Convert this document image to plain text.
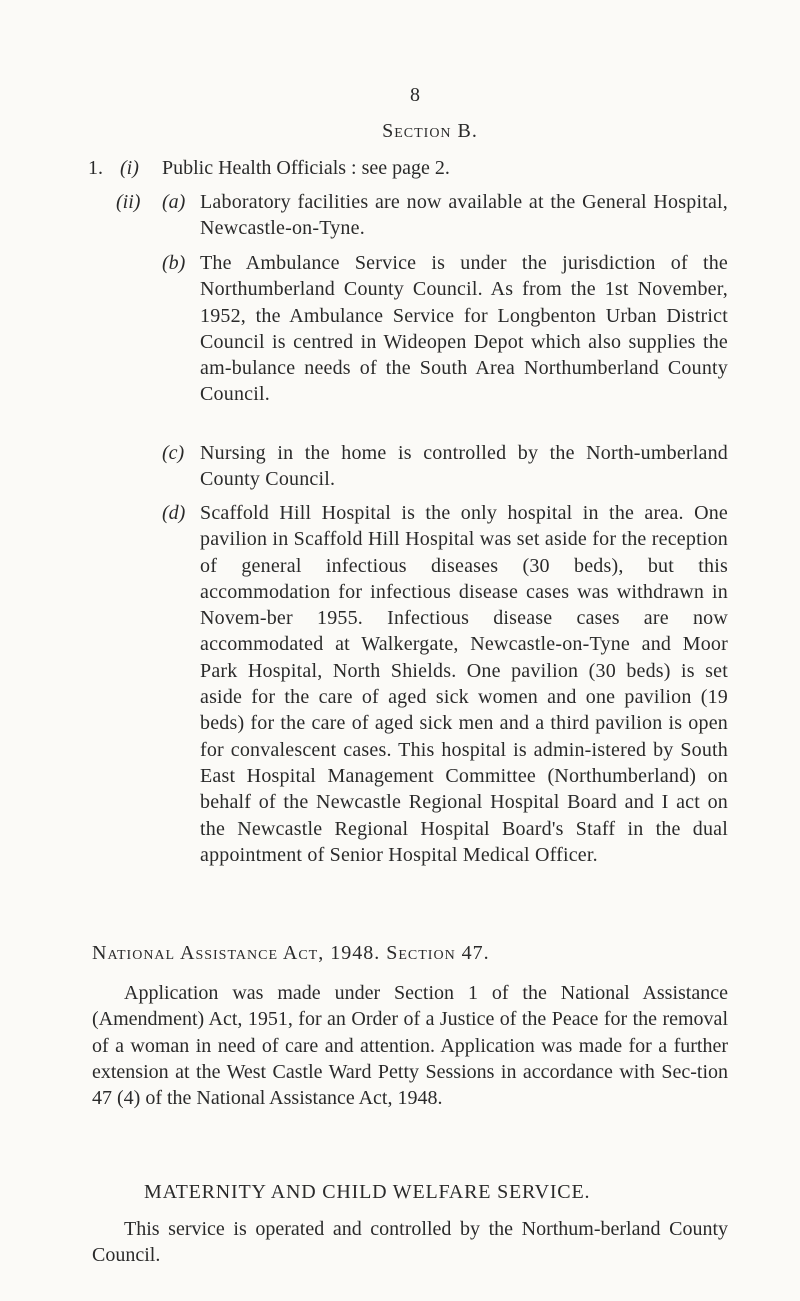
8
Section B.
1. (i) Public Health Officials : see page 2.
(ii) (a) Laboratory facilities are now available at the General Hospital, Newcastle-on-Tyne.
(b) The Ambulance Service is under the jurisdiction of the Northumberland County Council. As from the 1st November, 1952, the Ambulance Service for Longbenton Urban District Council is centred in Wideopen Depot which also supplies the am-bulance needs of the South Area Northumberland County Council.
(c) Nursing in the home is controlled by the North-umberland County Council.
(d) Scaffold Hill Hospital is the only hospital in the area. One pavilion in Scaffold Hill Hospital was set aside for the reception of general infectious diseases (30 beds), but this accommodation for infectious disease cases was withdrawn in Novem-ber 1955. Infectious disease cases are now accommodated at Walkergate, Newcastle-on-Tyne and Moor Park Hospital, North Shields. One pavilion (30 beds) is set aside for the care of aged sick women and one pavilion (19 beds) for the care of aged sick men and a third pavilion is open for convalescent cases. This hospital is admin-istered by South East Hospital Management Committee (Northumberland) on behalf of the Newcastle Regional Hospital Board and I act on the Newcastle Regional Hospital Board's Staff in the dual appointment of Senior Hospital Medical Officer.
National Assistance Act, 1948. Section 47.
Application was made under Section 1 of the National Assistance (Amendment) Act, 1951, for an Order of a Justice of the Peace for the removal of a woman in need of care and attention. Application was made for a further extension at the West Castle Ward Petty Sessions in accordance with Sec-tion 47 (4) of the National Assistance Act, 1948.
MATERNITY AND CHILD WELFARE SERVICE.
This service is operated and controlled by the Northum-berland County Council.
